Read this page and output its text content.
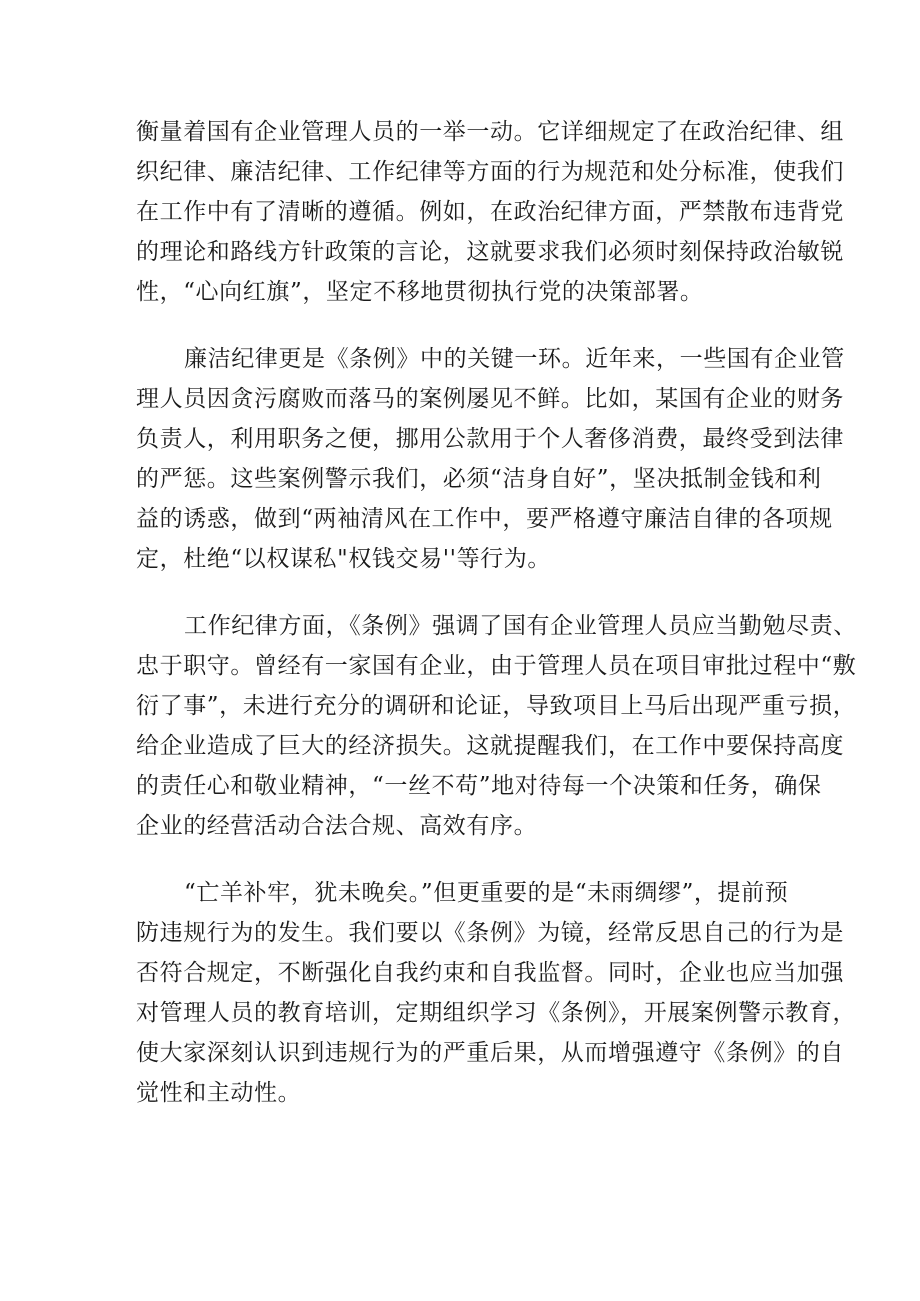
衡量着国有企业管理人员的一举一动。它详细规定了在政治纪律、组
织纪律、廉洁纪律、工作纪律等方面的行为规范和处分标准，使我们
在工作中有了清晰的遵循。例如，在政治纪律方面，严禁散布违背党
的理论和路线方针政策的言论，这就要求我们必须时刻保持政治敏锐
性，“心向红旗”，坚定不移地贯彻执行党的决策部署。

廉洁纪律更是《条例》中的关键一环。近年来，一些国有企业管
理人员因贪污腐败而落马的案例屡见不鲜。比如，某国有企业的财务
负责人，利用职务之便，挪用公款用于个人奢侈消费，最终受到法律
的严惩。这些案例警示我们，必须“洁身自好”，坚决抵制金钱和利
益的诱惑，做到“两袖清风在工作中，要严格遵守廉洁自律的各项规
定，杜绝“以权谋私"权钱交易''等行为。

工作纪律方面，《条例》强调了国有企业管理人员应当勤勉尽责、
忠于职守。曾经有一家国有企业，由于管理人员在项目审批过程中“敷
衍了事”，未进行充分的调研和论证，导致项目上马后出现严重亏损，
给企业造成了巨大的经济损失。这就提醒我们，在工作中要保持高度
的责任心和敬业精神，“一丝不苟”地对待每一个决策和任务，确保
企业的经营活动合法合规、高效有序。

“亡羊补牢，犹未晚矣。”但更重要的是“未雨绸缪”，提前预
防违规行为的发生。我们要以《条例》为镜，经常反思自己的行为是
否符合规定，不断强化自我约束和自我监督。同时，企业也应当加强
对管理人员的教育培训，定期组织学习《条例》，开展案例警示教育，
使大家深刻认识到违规行为的严重后果，从而增强遵守《条例》的自
觉性和主动性。
